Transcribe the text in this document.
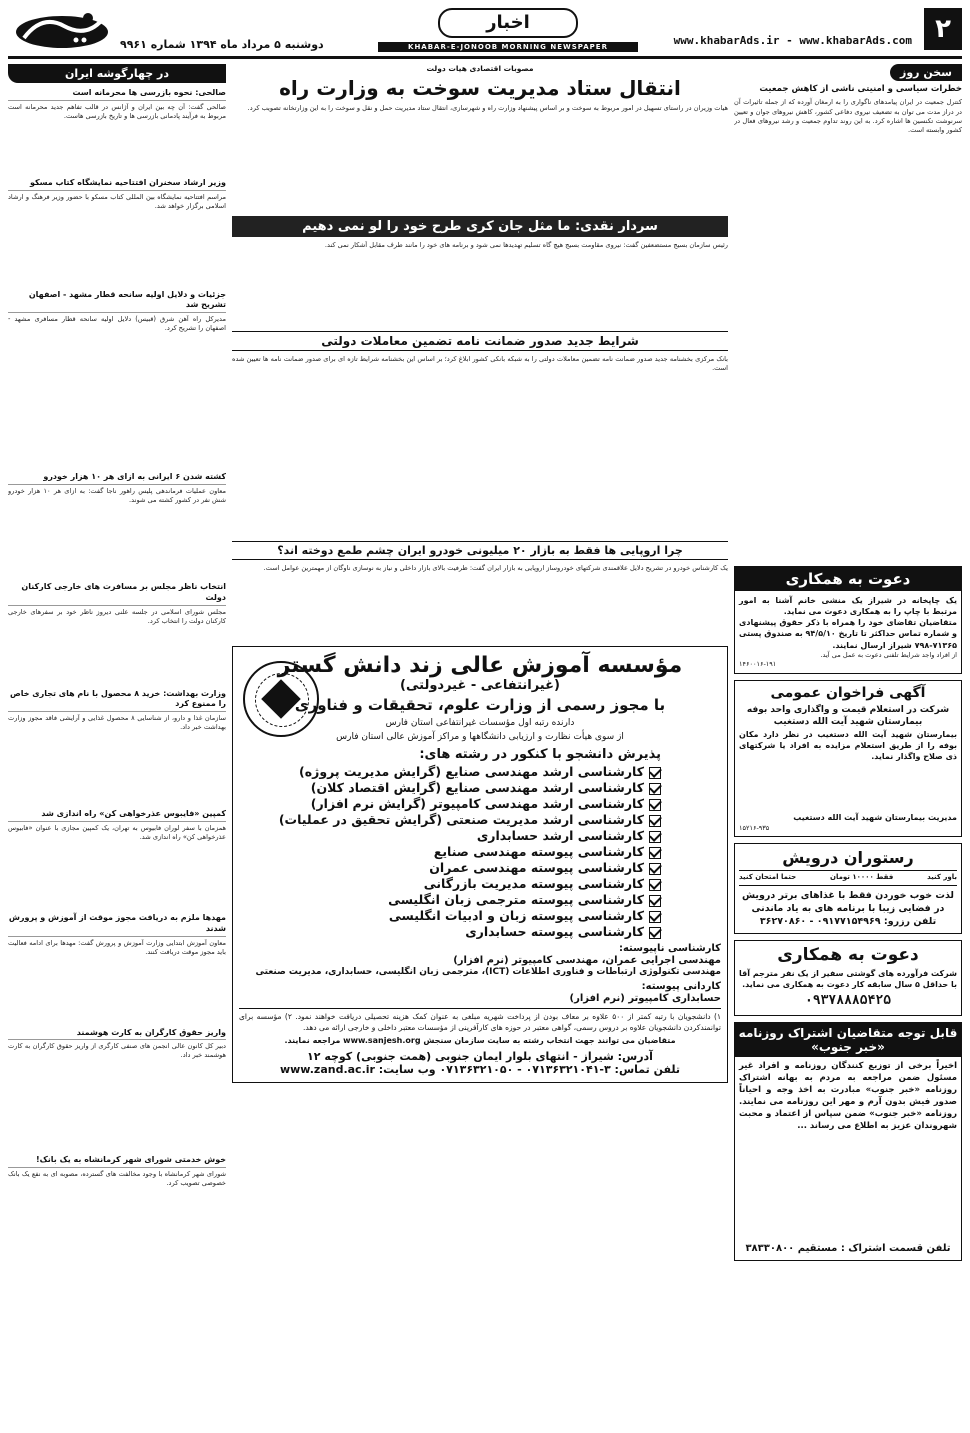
۲
www.khabarAds.ir - www.khabarAds.com
اخبار
KHABAR-E-JONOOB MORNING NEWSPAPER
دوشنبه ۵ مرداد ماه ۱۳۹۴ شماره ۹۹۶۱
سخن روز
خطرات سیاسی و امنیتی ناشی از کاهش جمعیت
کنترل جمعیت در ایران پیامدهای ناگواری را به ارمغان آورده که از جمله تاثیرات آن در دراز مدت می توان به تضعیف نیروی دفاعی کشور، کاهش نیروهای جوان و تعیین سرنوشت تکنسین ها اشاره کرد. به این روند تداوم جمعیت و رشد نیروهای فعال در کشور وابسته است.
دعوت به همکاری
یک چاپخانه در شیراز یک منشی خانم آشنا به امور مرتبط با چاپ را به همکاری دعوت می نماید.
متقاضیان تقاضای خود را همراه با ذکر حقوق پیشنهادی و شماره تماس حداکثر تا تاریخ ۹۴/۵/۱۰ به صندوق پستی ۷۱۳۶۵-۷۹۸ شیراز ارسال نمایند.
از افراد واجد شرایط تلفنی دعوت به عمل می آید.
۱۴۶۰۰۱۶-۱۹۱
آگهی فراخوان عمومی
شرکت در استعلام قیمت و واگذاری واحد بوفه بیمارستان شهید آیت الله دستغیب
بیمارستان شهید آیت الله دستغیب در نظر دارد مکان بوفه را از طریق استعلام مزایده به افراد یا شرکتهای ذی صلاح واگذار نماید.
مدیریت بیمارستان شهید آیت الله دستغیب
۱۵۲۱۶-۹۳۵
رستوران درویش
باور کنید
فقط ۱۰۰۰۰ تومان
حتما امتحان کنید
لذت خوب خوردن فقط با غذاهای برتر درویش در فضایی زیبا با برنامه های به یاد ماندنی
تلفن رزرو: ۰۹۱۷۷۱۵۴۹۶۹ - ۳۶۲۷۰۸۶۰
دعوت به همکاری
شرکت فرآورده های گوشتی سفیر از یک نفر مترجم آقا با حداقل ۵ سال سابقه کار دعوت به همکاری می نماید.
۰۹۳۷۸۸۸۵۴۲۵
قابل توجه متقاضیان اشتراک روزنامه «خبر جنوب»
اخیراً برخی از توزیع کنندگان روزنامه و افراد غیر مسئول ضمن مراجعه به مردم به بهانه اشتراک روزنامه «خبر جنوب» مبادرت به اخذ وجه و احیاناً صدور فیش بدون آرم و مهر این روزنامه می نمایند. روزنامه «خبر جنوب» ضمن سپاس از اعتماد و محبت شهروندان عزیز به اطلاع می رساند ...
تلفن قسمت اشتراک : مستقیم ۳۸۳۳۰۸۰۰
مصوبات اقتصادی هیات دولت
انتقال ستاد مدیریت سوخت به وزارت راه
هیات وزیران در راستای تسهیل در امور مربوط به سوخت و بر اساس پیشنهاد وزارت راه و شهرسازی، انتقال ستاد مدیریت حمل و نقل و سوخت را به این وزارتخانه تصویب کرد.
سردار نقدی: ما مثل جان کری طرح خود را لو نمی دهیم
رئیس سازمان بسیج مستضعفین گفت: نیروی مقاومت بسیج هیچ گاه تسلیم تهدیدها نمی شود و برنامه های خود را مانند طرف مقابل آشکار نمی کند.
شرایط جدید صدور ضمانت نامه تضمین معاملات دولتی
بانک مرکزی بخشنامه جدید صدور ضمانت نامه تضمین معاملات دولتی را به شبکه بانکی کشور ابلاغ کرد؛ بر اساس این بخشنامه شرایط تازه ای برای صدور ضمانت نامه ها تعیین شده است.
چرا اروپایی ها فقط به بازار ۲۰ میلیونی خودرو ایران چشم طمع دوخته اند؟
یک کارشناس خودرو در تشریح دلایل علاقمندی شرکتهای خودروساز اروپایی به بازار ایران گفت: ظرفیت بالای بازار داخلی و نیاز به نوسازی ناوگان از مهمترین عوامل است.
مؤسسه آموزش عالی زند دانش گستر
(غیرانتفاعی - غیردولتی)
با مجوز رسمی از وزارت علوم، تحقیقات و فناوری
دارنده رتبه اول مؤسسات غیرانتفاعی استان فارس
از سوی هیأت نظارت و ارزیابی دانشگاهها و مراکز آموزش عالی استان فارس
پذیرش دانشجو با کنکور در رشته های:
کارشناسی ارشد مهندسی صنایع (گرایش مدیریت پروژه)
کارشناسی ارشد مهندسی صنایع (گرایش اقتصاد کلان)
کارشناسی ارشد مهندسی کامپیوتر (گرایش نرم افزار)
کارشناسی ارشد مدیریت صنعتی (گرایش تحقیق در عملیات)
کارشناسی ارشد حسابداری
کارشناسی پیوسته مهندسی صنایع
کارشناسی پیوسته مهندسی عمران
کارشناسی پیوسته مدیریت بازرگانی
کارشناسی پیوسته مترجمی زبان انگلیسی
کارشناسی پیوسته زبان و ادبیات انگلیسی
کارشناسی پیوسته حسابداری
کارشناسی ناپیوسته:
مهندسی اجرایی عمران، مهندسی کامپیوتر (نرم افزار)
مهندسی تکنولوژی ارتباطات و فناوری اطلاعات (ICT)، مترجمی زبان انگلیسی، حسابداری، مدیریت صنعتی
کاردانی پیوسته:
حسابداری کامپیوتر (نرم افزار)
۱) دانشجویان با رتبه کمتر از ۵۰۰ علاوه بر معاف بودن از پرداخت شهریه مبلغی به عنوان کمک هزینه تحصیلی دریافت خواهند نمود. ۲) مؤسسه برای توانمندکردن دانشجویان علاوه بر دروس رسمی، گواهی معتبر در حوزه های کارآفرینی از مؤسسات معتبر داخلی و خارجی ارائه می دهد.
متقاضیان می توانند جهت انتخاب رشته به سایت سازمان سنجش www.sanjesh.org مراجعه نمایند.
آدرس: شیراز - انتهای بلوار ایمان جنوبی (همت جنوبی) کوچه ۱۲
تلفن تماس: ۳-۰۷۱۳۶۳۲۱۰۴۱ - ۰۷۱۳۶۳۲۱۰۵۰ وب سایت: www.zand.ac.ir
در چهارگوشه ایران
صالحی: نحوه بازرسی ها محرمانه است
صالحی گفت: آن چه بین ایران و آژانس در قالب تفاهم جدید محرمانه است مربوط به فرآیند پادمانی بازرسی ها و تاریخ بازرسی هاست.
وزیر ارشاد سخنران افتتاحیه نمایشگاه کتاب مسکو
مراسم افتتاحیه نمایشگاه بین المللی کتاب مسکو با حضور وزیر فرهنگ و ارشاد اسلامی برگزار خواهد شد.
جزئیات و دلایل اولیه سانحه قطار مشهد - اصفهان تشریح شد
مدیرکل راه آهن شرق (قبیس) دلایل اولیه سانحه قطار مسافری مشهد - اصفهان را تشریح کرد.
کشته شدن ۶ ایرانی به ازای هر ۱۰ هزار خودرو
معاون عملیات فرماندهی پلیس راهور ناجا گفت: به ازای هر ۱۰ هزار خودرو شش نفر در کشور کشته می شوند.
انتخاب ناظر مجلس بر مسافرت های خارجی کارکنان دولت
مجلس شورای اسلامی در جلسه علنی دیروز ناظر خود بر سفرهای خارجی کارکنان دولت را انتخاب کرد.
وزارت بهداشت: خرید ۸ محصول با نام های تجاری خاص را ممنوع کرد
سازمان غذا و دارو، از شناسایی ۸ محصول غذایی و آرایشی فاقد مجوز وزارت بهداشت خبر داد.
کمپین «فایبوس عذرخواهی کن» راه اندازی شد
همزمان با سفر لوران فابیوس به تهران، یک کمپین مجازی با عنوان «فابیوس عذرخواهی کن» راه اندازی شد.
مهدها ملزم به دریافت مجوز موقت از آموزش و پرورش شدند
معاون آموزش ابتدایی وزارت آموزش و پرورش گفت: مهدها برای ادامه فعالیت باید مجوز موقت دریافت کنند.
واریز حقوق کارگران به کارت هوشمند
دبیر کل کانون عالی انجمن های صنفی کارگری از واریز حقوق کارگران به کارت هوشمند خبر داد.
خوش خدمتی شورای شهر کرمانشاه به یک بانک!
شورای شهر کرمانشاه با وجود مخالفت های گسترده، مصوبه ای به نفع یک بانک خصوصی تصویب کرد.
